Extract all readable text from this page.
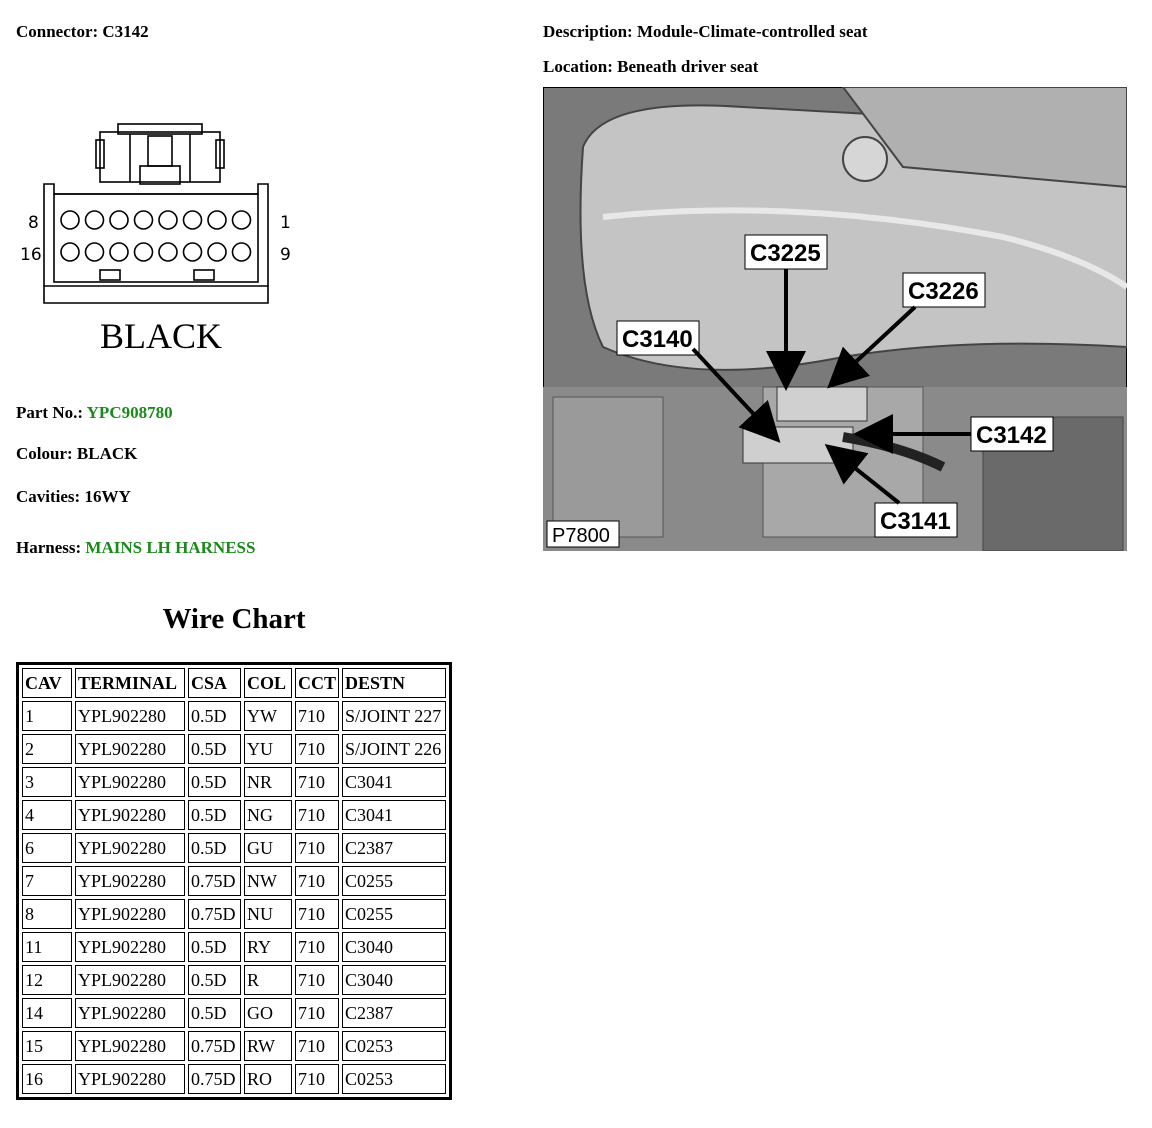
Connector: C3142	Description: Module-Climate-controlled seat
Location: Beneath driver seat
8	1
16	9
BLACK
Part No.: YPC908780
Colour: BLACK
Cavities: 16WY
Harness: MAINS LH HARNESS
C3225
C3226
C3140
C3142
C3141
P7800
Wire Chart
CAV	TERMINAL	CSA	COL	CCT	DESTN
1	YPL902280	0.5D	YW	710	S/JOINT 227
2	YPL902280	0.5D	YU	710	S/JOINT 226
3	YPL902280	0.5D	NR	710	C3041
4	YPL902280	0.5D	NG	710	C3041
6	YPL902280	0.5D	GU	710	C2387
7	YPL902280	0.75D	NW	710	C0255
8	YPL902280	0.75D	NU	710	C0255
11	YPL902280	0.5D	RY	710	C3040
12	YPL902280	0.5D	R	710	C3040
14	YPL902280	0.5D	GO	710	C2387
15	YPL902280	0.75D	RW	710	C0253
16	YPL902280	0.75D	RO	710	C0253
